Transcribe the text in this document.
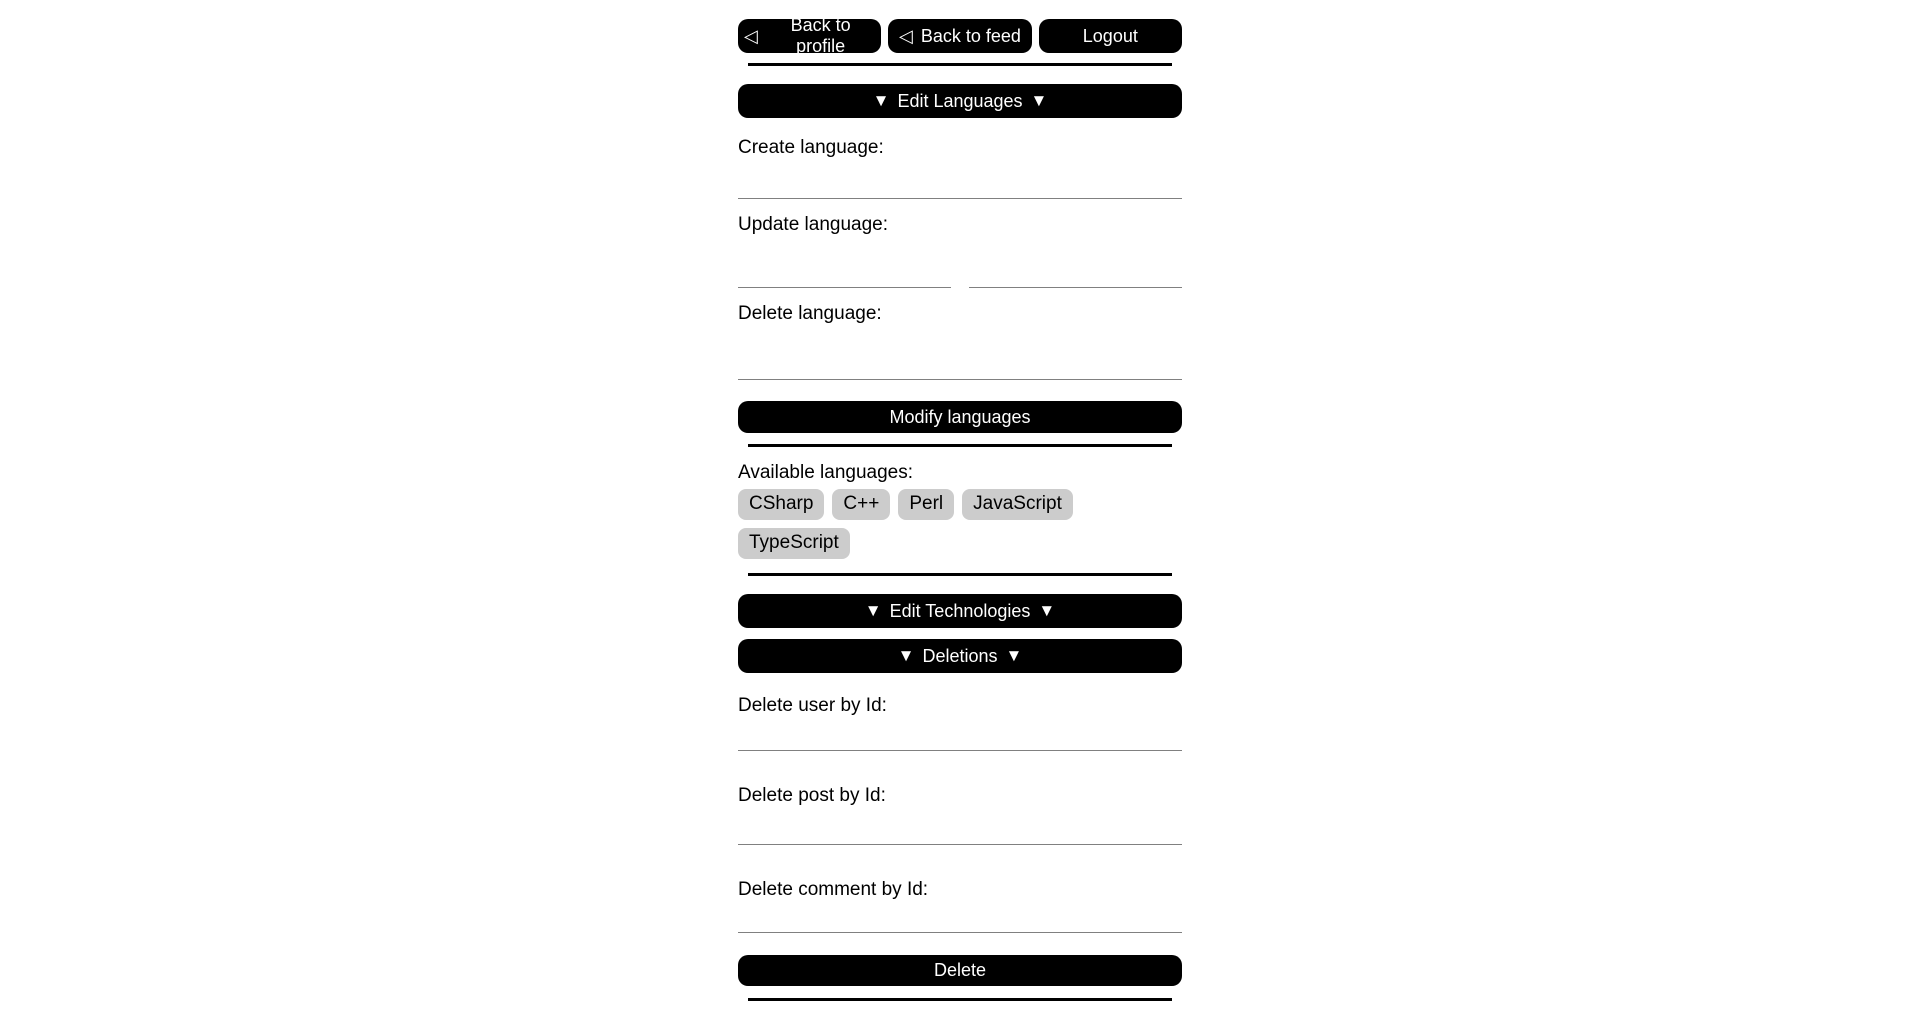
◁
Back to profile
◁ Back to feed	Logout
▼ Edit Languages ▼
Create language:
Update language:
Delete language:
Modify languages
Available languages:
CSharp	C++	Perl	JavaScript
TypeScript
▼ Edit Technologies ▼
▼ Deletions ▼
Delete user by Id:
Delete post by Id:
Delete comment by Id:
Delete
